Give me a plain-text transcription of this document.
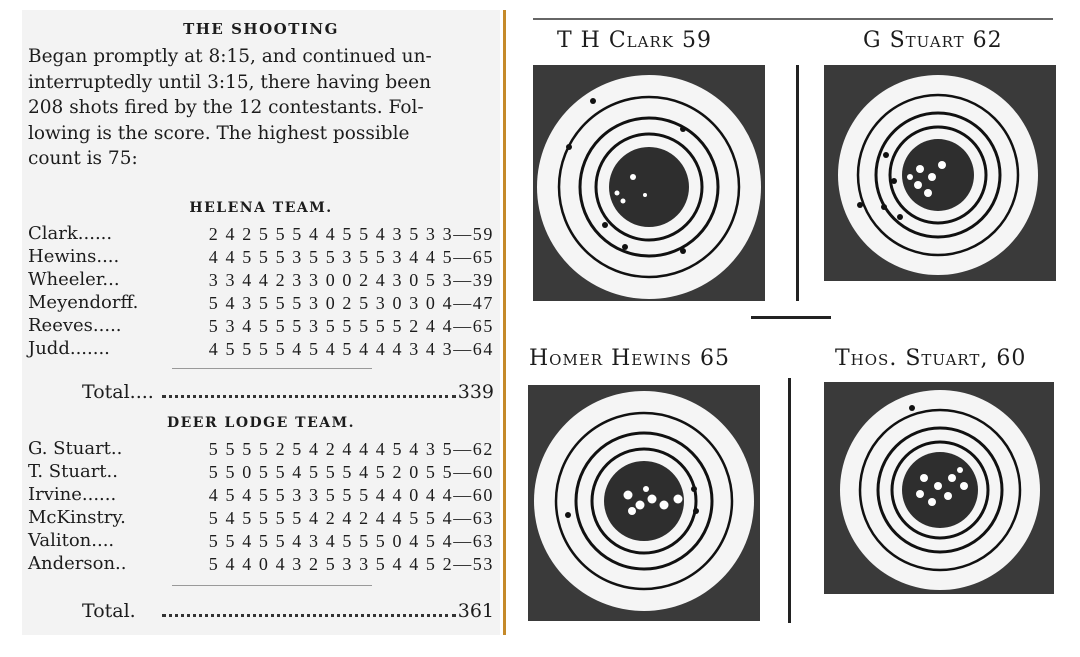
THE SHOOTING
Began promptly at 8:15, and continued un-
interruptedly until 3:15, there having been
208 shots fired by the 12 contestants. Fol-
lowing is the score. The highest possible
count is 75:
HELENA TEAM.
Clark......	2 4 2 5 5 5 4 4 5 5 4 3 5 3 3—59
Hewins....	4 4 5 5 5 3 5 5 3 5 5 3 4 4 5—65
Wheeler...	3 3 4 4 2 3 3 0 0 2 4 3 0 5 3—39
Meyendorff.	5 4 3 5 5 5 3 0 2 5 3 0 3 0 4—47
Reeves.....	5 3 4 5 5 5 3 5 5 5 5 5 2 4 4—65
Judd.......	4 5 5 5 5 4 5 4 5 4 4 4 3 4 3—64
Total....	339
DEER LODGE TEAM.
G. Stuart..	5 5 5 5 2 5 4 2 4 4 4 5 4 3 5—62
T. Stuart..	5 5 0 5 5 4 5 5 5 4 5 2 0 5 5—60
Irvine......	4 5 4 5 5 3 3 5 5 5 4 4 0 4 4—60
McKinstry.	5 4 5 5 5 5 4 2 4 2 4 4 5 5 4—63
Valiton....	5 5 4 5 5 4 3 4 5 5 5 0 4 5 4—63
Anderson..	5 4 4 0 4 3 2 5 3 3 5 4 4 5 2—53
Total.	361
T H Clark 59	G Stuart 62
Homer Hewins 65	Thos. Stuart, 60
